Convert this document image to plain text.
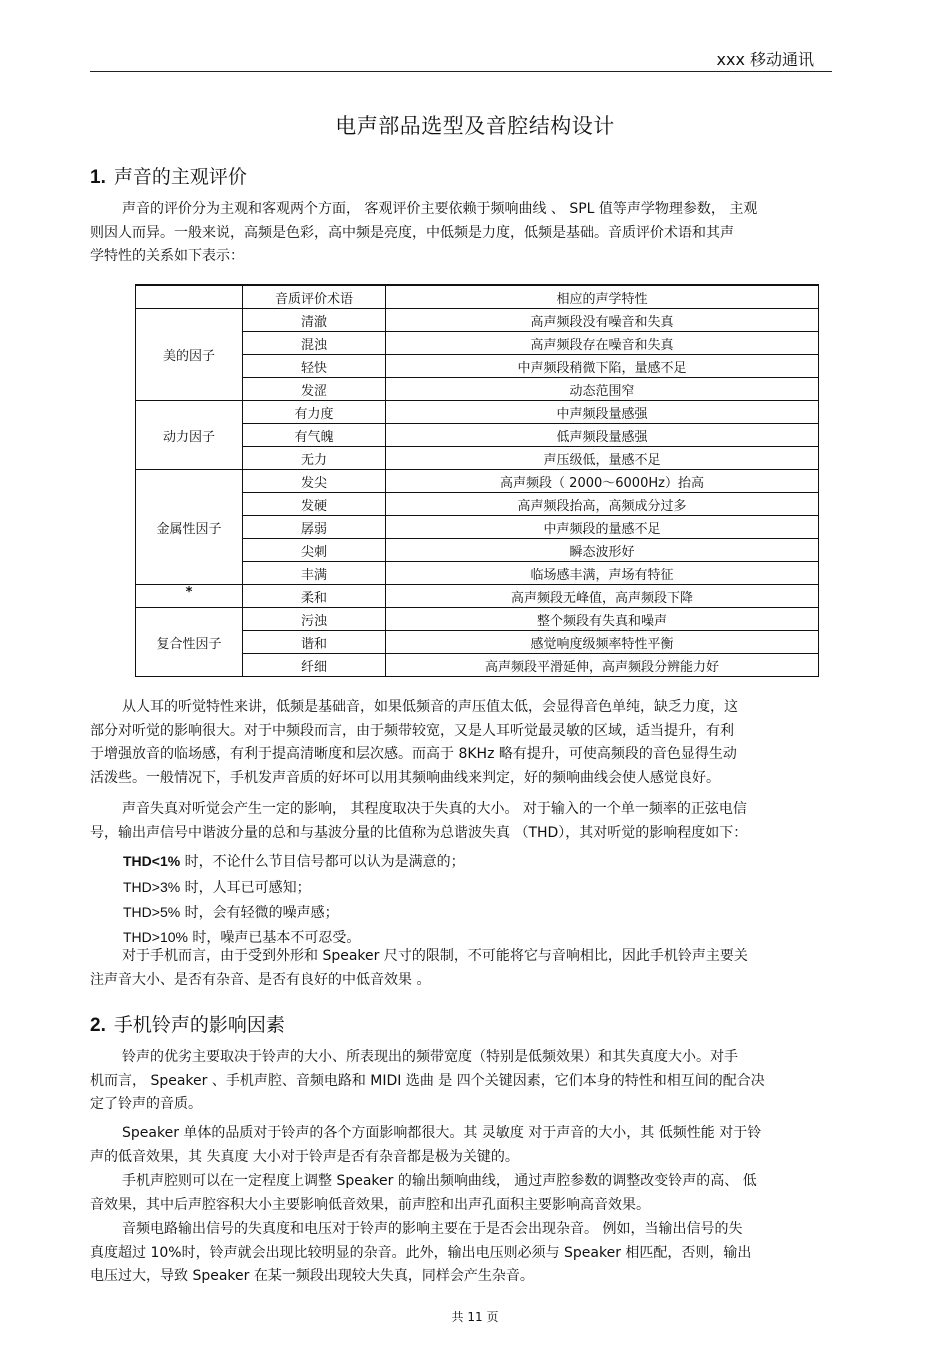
xxx 移动通讯
电声部品选型及音腔结构设计
1. 声音的主观评价
声音的评价分为主观和客观两个方面， 客观评价主要依赖于频响曲线 、 SPL 值等声学物理参数， 主观
则因人而异。一般来说，高频是色彩，高中频是亮度，中低频是力度，低频是基础。音质评价术语和其声
学特性的关系如下表示：
	音质评价术语	相应的声学特性
美的因子	清澈	高声频段没有噪音和失真
	混浊	高声频段存在噪音和失真
	轻快	中声频段稍微下陷，量感不足
	发涩	动态范围窄
动力因子	有力度	中声频段量感强
	有气魄	低声频段量感强
	无力	声压级低，量感不足
金属性因子	发尖	高声频段（ 2000～6000Hz）抬高
	发硬	高声频段抬高，高频成分过多
	孱弱	中声频段的量感不足
	尖刺	瞬态波形好
	丰满	临场感丰满，声场有特征
*	柔和	高声频段无峰值，高声频段下降
复合性因子	污浊	整个频段有失真和噪声
	谐和	感觉响度级频率特性平衡
	纤细	高声频段平滑延伸，高声频段分辨能力好
从人耳的听觉特性来讲，低频是基础音，如果低频音的声压值太低，会显得音色单纯，缺乏力度，这
部分对听觉的影响很大。对于中频段而言，由于频带较宽，又是人耳听觉最灵敏的区域，适当提升，有利
于增强放音的临场感，有利于提高清晰度和层次感。而高于 8KHz 略有提升，可使高频段的音色显得生动
活泼些。一般情况下，手机发声音质的好坏可以用其频响曲线来判定，好的频响曲线会使人感觉良好。
声音失真对听觉会产生一定的影响， 其程度取决于失真的大小。 对于输入的一个单一频率的正弦电信
号，输出声信号中谐波分量的总和与基波分量的比值称为总谐波失真 （THD），其对听觉的影响程度如下：
THD<1% 时，不论什么节目信号都可以认为是满意的；
THD>3% 时，人耳已可感知；
THD>5% 时，会有轻微的噪声感；
THD>10% 时，噪声已基本不可忍受。
对于手机而言，由于受到外形和 Speaker 尺寸的限制，不可能将它与音响相比，因此手机铃声主要关
注声音大小、是否有杂音、是否有良好的中低音效果 。
2. 手机铃声的影响因素
铃声的优劣主要取决于铃声的大小、所表现出的频带宽度（特别是低频效果）和其失真度大小。对手
机而言， Speaker 、手机声腔、音频电路和 MIDI 选曲 是 四个关键因素，它们本身的特性和相互间的配合决
定了铃声的音质。
Speaker 单体的品质对于铃声的各个方面影响都很大。其 灵敏度 对于声音的大小，其 低频性能 对于铃
声的低音效果，其 失真度 大小对于铃声是否有杂音都是极为关键的。
手机声腔则可以在一定程度上调整 Speaker 的输出频响曲线， 通过声腔参数的调整改变铃声的高、 低
音效果，其中后声腔容积大小主要影响低音效果，前声腔和出声孔面积主要影响高音效果。
音频电路输出信号的失真度和电压对于铃声的影响主要在于是否会出现杂音。 例如，当输出信号的失
真度超过 10%时，铃声就会出现比较明显的杂音。此外，输出电压则必须与 Speaker 相匹配，否则，输出
电压过大，导致 Speaker 在某一频段出现较大失真，同样会产生杂音。
共 11 页
